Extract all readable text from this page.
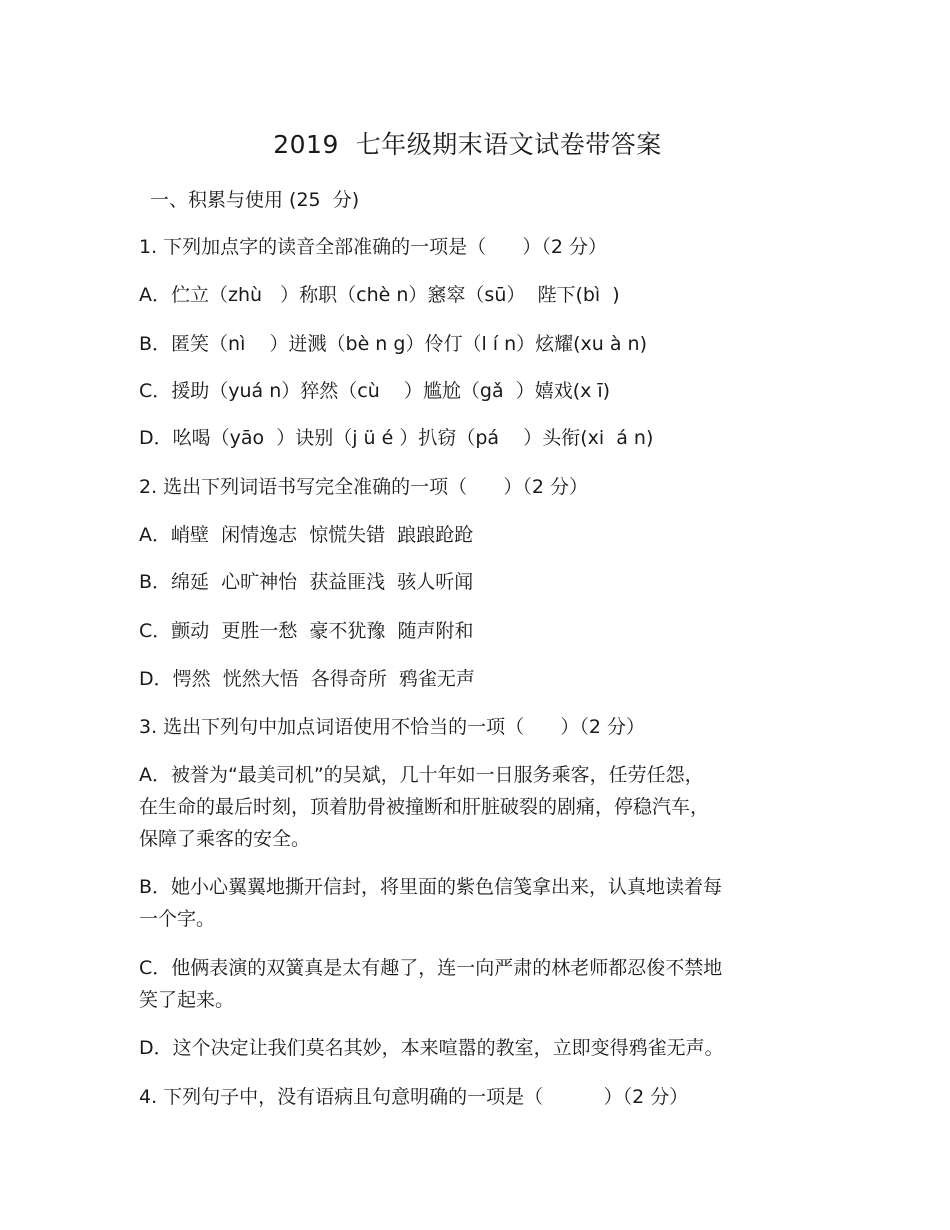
2019  七年级期末语文试卷带答案
一、积累与使用 (25  分)
1. 下列加点字的读音全部准确的一项是（      ）（2 分）
A．伫立（zhù   ）称职（chè n）窸窣（sū）  陛下(bì  )
B．匿笑（nì    ）迸溅（bè n g）伶仃（l í n）炫耀(xu à n)
C．援助（yuá n）猝然（cù    ）尴尬（gǎ  ）嬉戏(x ī)
D．吆喝（yāo  ）诀别（j ü é ）扒窃（pá    ）头衔(xi  á n)
2. 选出下列词语书写完全准确的一项（      ）（2 分）
A．峭壁  闲情逸志  惊慌失错  踉踉跄跄
B．绵延  心旷神怡  获益匪浅  骇人听闻
C．颤动  更胜一愁  豪不犹豫  随声附和
D．愕然  恍然大悟  各得奇所  鸦雀无声
3. 选出下列句中加点词语使用不恰当的一项（      ）（2 分）
A．被誉为“最美司机”的吴斌，几十年如一日服务乘客，任劳任怨，
在生命的最后时刻，顶着肋骨被撞断和肝脏破裂的剧痛，停稳汽车，
保障了乘客的安全。
B．她小心翼翼地撕开信封，将里面的紫色信笺拿出来，认真地读着每
一个字。
C．他俩表演的双簧真是太有趣了，连一向严肃的林老师都忍俊不禁地
笑了起来。
D．这个决定让我们莫名其妙，本来喧嚣的教室，立即变得鸦雀无声。
4. 下列句子中，没有语病且句意明确的一项是（          ）（2 分）
